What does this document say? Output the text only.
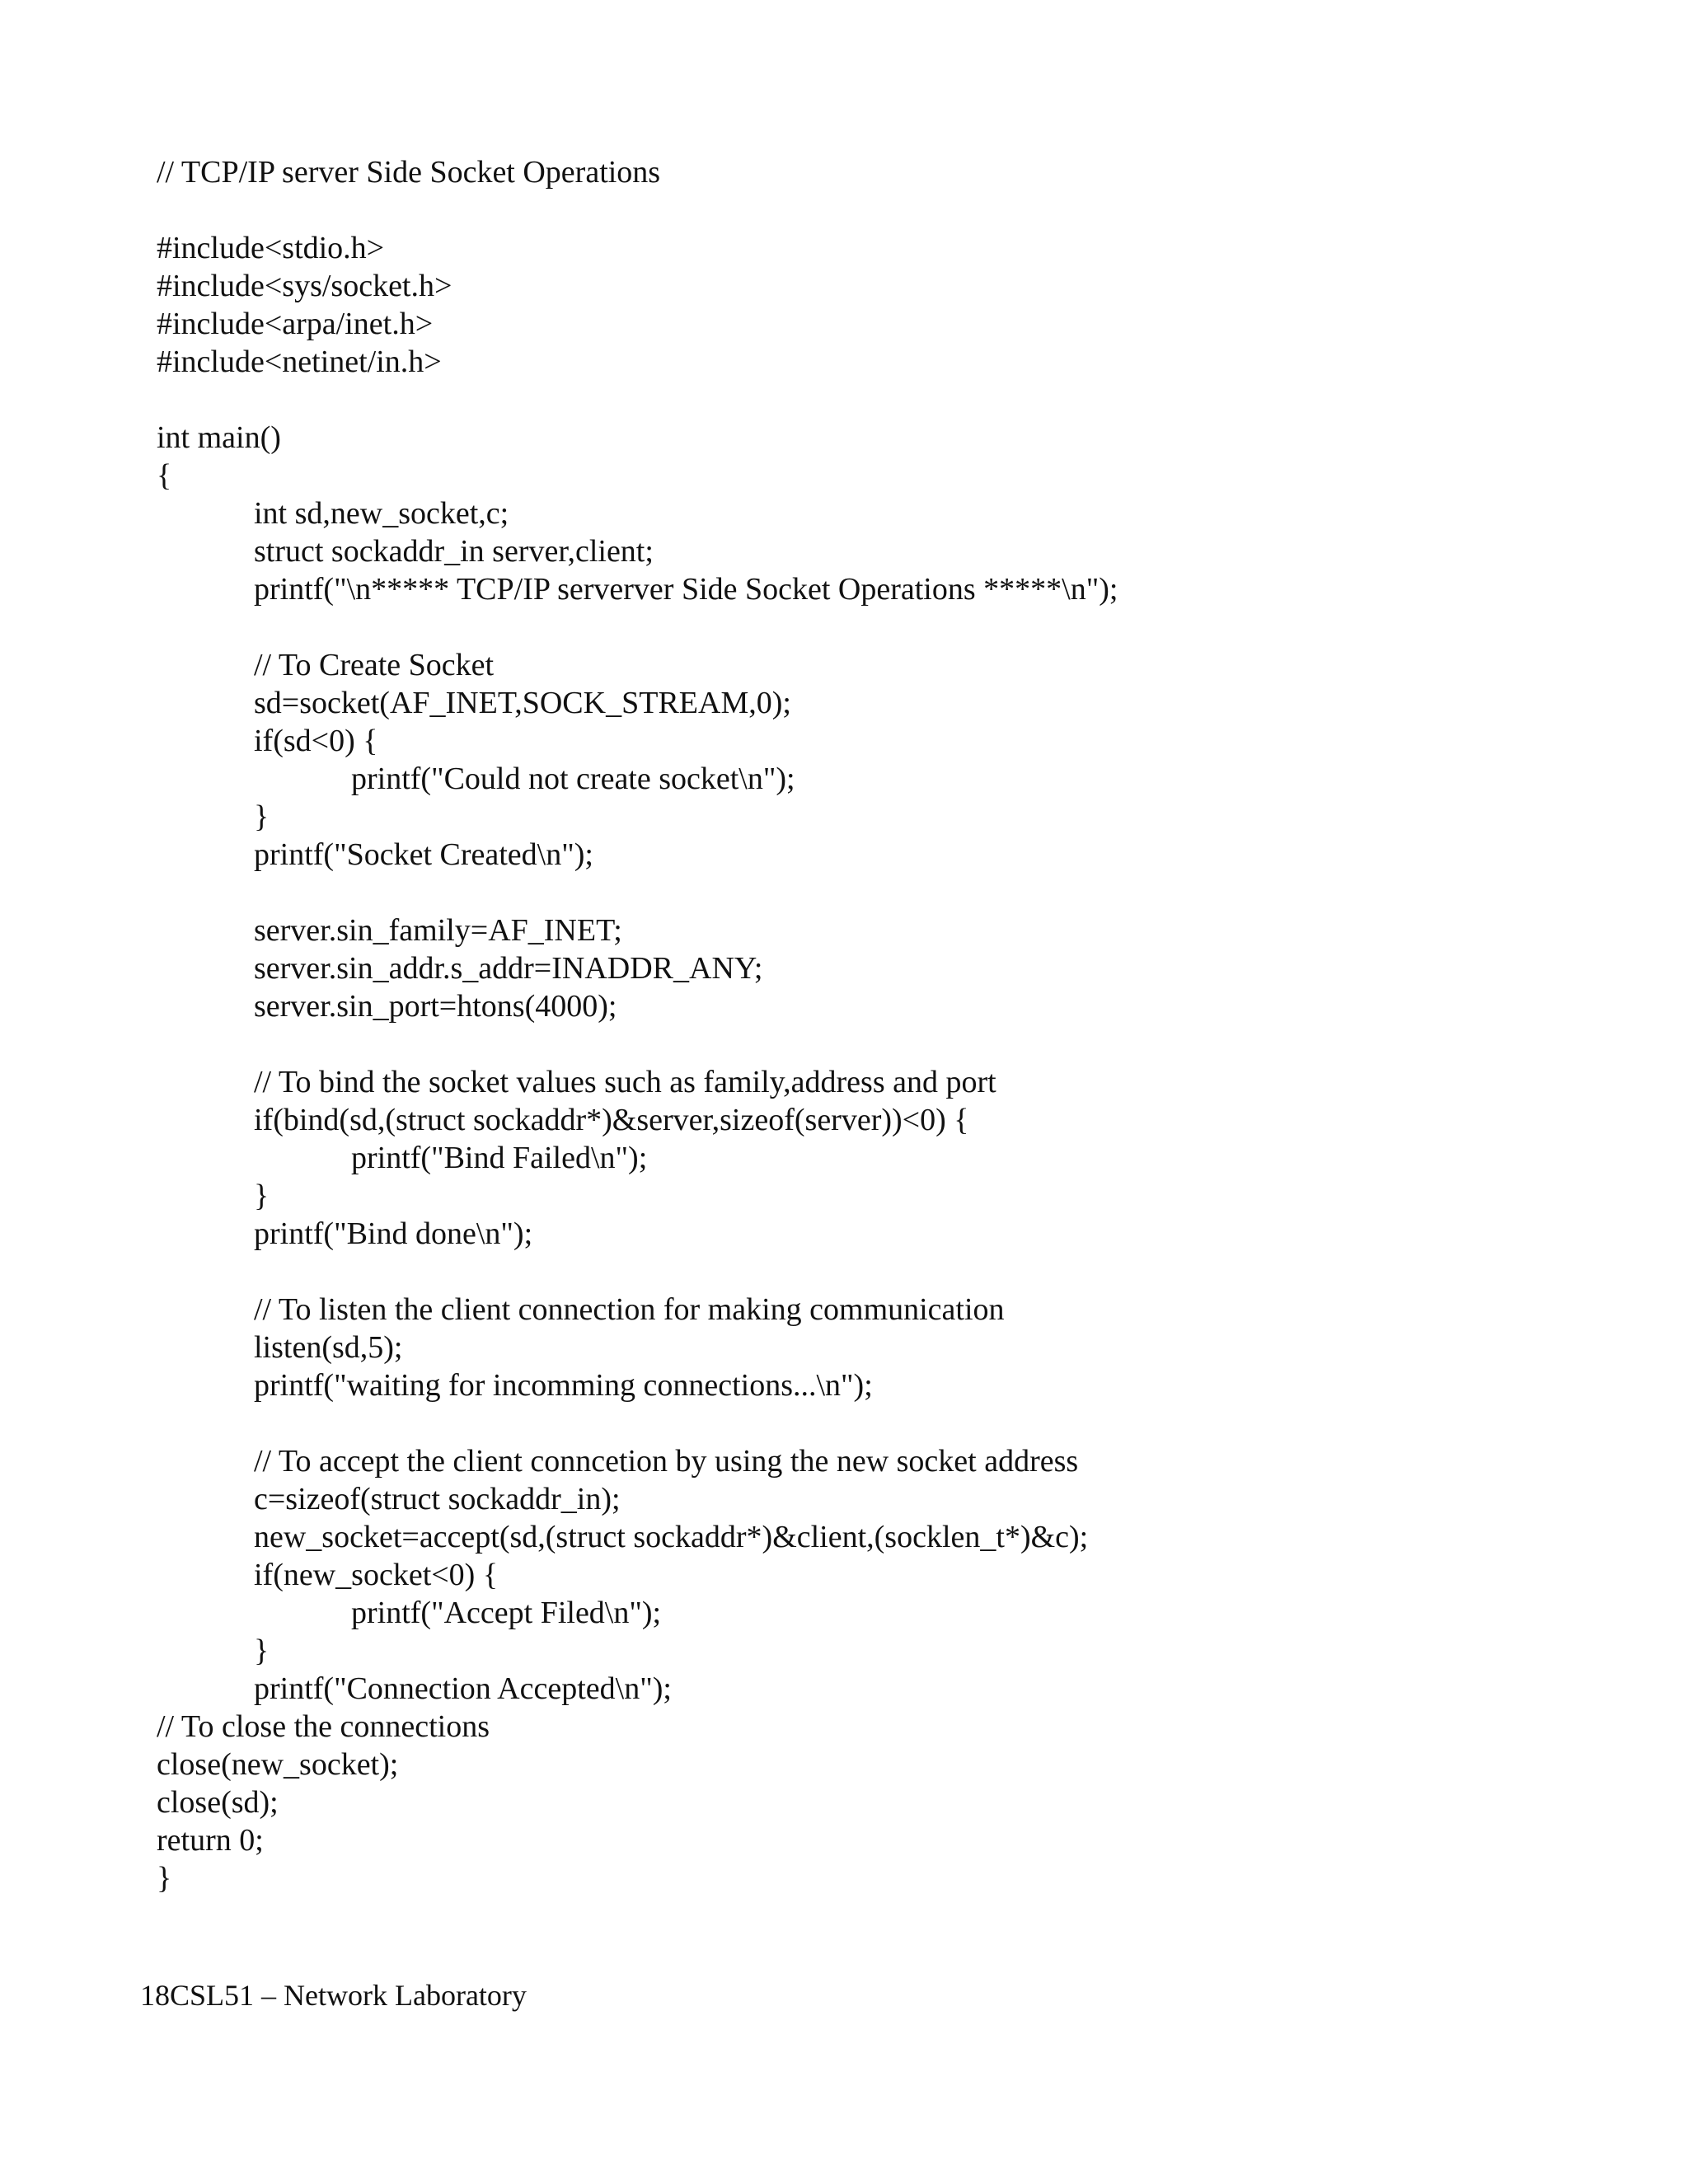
// TCP/IP server Side Socket Operations
#include<stdio.h>
#include<sys/socket.h>
#include<arpa/inet.h>
#include<netinet/in.h>
int main()
{
int sd,new_socket,c;
struct sockaddr_in server,client;
printf("\n***** TCP/IP serverver Side Socket Operations *****\n");
// To Create Socket
sd=socket(AF_INET,SOCK_STREAM,0);
if(sd<0) {
printf("Could not create socket\n");
}
printf("Socket Created\n");
server.sin_family=AF_INET;
server.sin_addr.s_addr=INADDR_ANY;
server.sin_port=htons(4000);
// To bind the socket values such as family,address and port
if(bind(sd,(struct sockaddr*)&server,sizeof(server))<0) {
printf("Bind Failed\n");
}
printf("Bind done\n");
// To listen the client connection for making communication
listen(sd,5);
printf("waiting for incomming connections...\n");
// To accept the client conncetion by using the new socket address
c=sizeof(struct sockaddr_in);
new_socket=accept(sd,(struct sockaddr*)&client,(socklen_t*)&c);
if(new_socket<0) {
printf("Accept Filed\n");
}
printf("Connection Accepted\n");
// To close the connections
close(new_socket);
close(sd);
return 0;
}
18CSL51 – Network Laboratory
